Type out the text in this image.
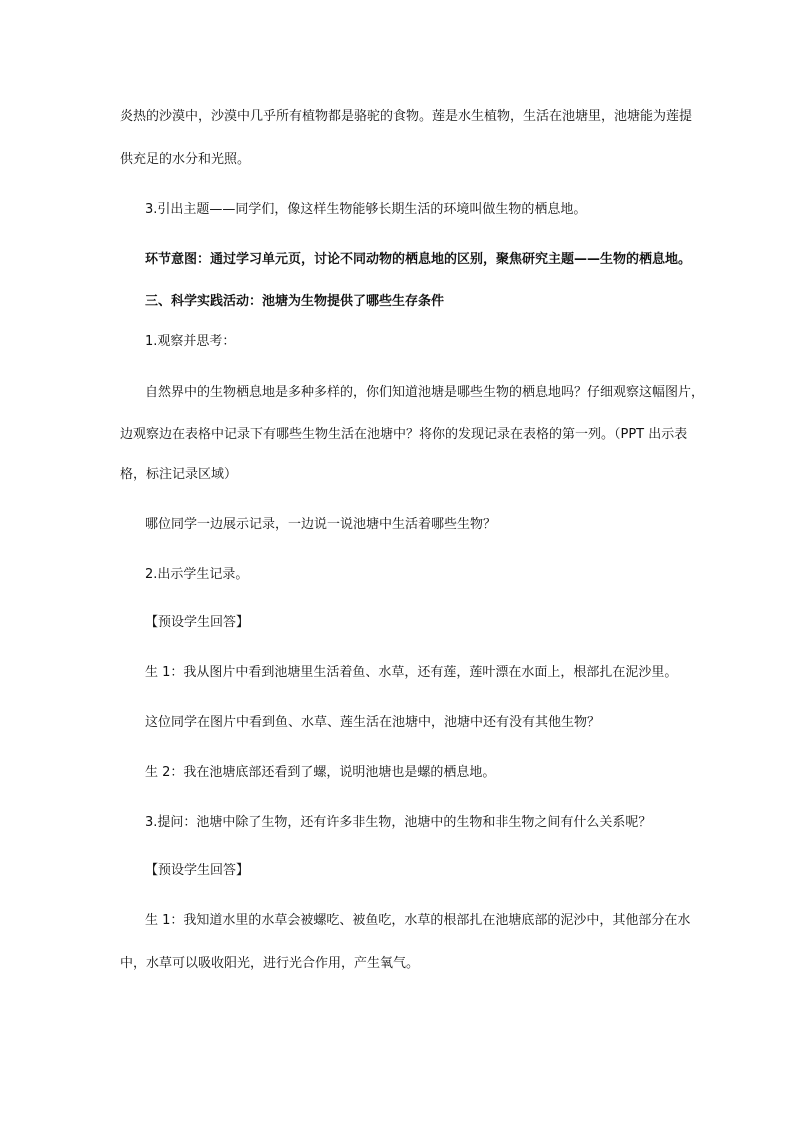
炎热的沙漠中，沙漠中几乎所有植物都是骆驼的食物。莲是水生植物，生活在池塘里，池塘能为莲提
供充足的水分和光照。
3.引出主题——同学们，像这样生物能够长期生活的环境叫做生物的栖息地。
环节意图：通过学习单元页，讨论不同动物的栖息地的区别，聚焦研究主题——生物的栖息地。
三、科学实践活动：池塘为生物提供了哪些生存条件
1.观察并思考：
自然界中的生物栖息地是多种多样的，你们知道池塘是哪些生物的栖息地吗？仔细观察这幅图片，
边观察边在表格中记录下有哪些生物生活在池塘中？将你的发现记录在表格的第一列。（PPT 出示表
格，标注记录区域）
哪位同学一边展示记录，一边说一说池塘中生活着哪些生物？
2.出示学生记录。
【预设学生回答】
生 1：我从图片中看到池塘里生活着鱼、水草，还有莲，莲叶漂在水面上，根部扎在泥沙里。
这位同学在图片中看到鱼、水草、莲生活在池塘中，池塘中还有没有其他生物？
生 2：我在池塘底部还看到了螺，说明池塘也是螺的栖息地。
3.提问：池塘中除了生物，还有许多非生物，池塘中的生物和非生物之间有什么关系呢？
【预设学生回答】
生 1：我知道水里的水草会被螺吃、被鱼吃，水草的根部扎在池塘底部的泥沙中，其他部分在水
中，水草可以吸收阳光，进行光合作用，产生氧气。
